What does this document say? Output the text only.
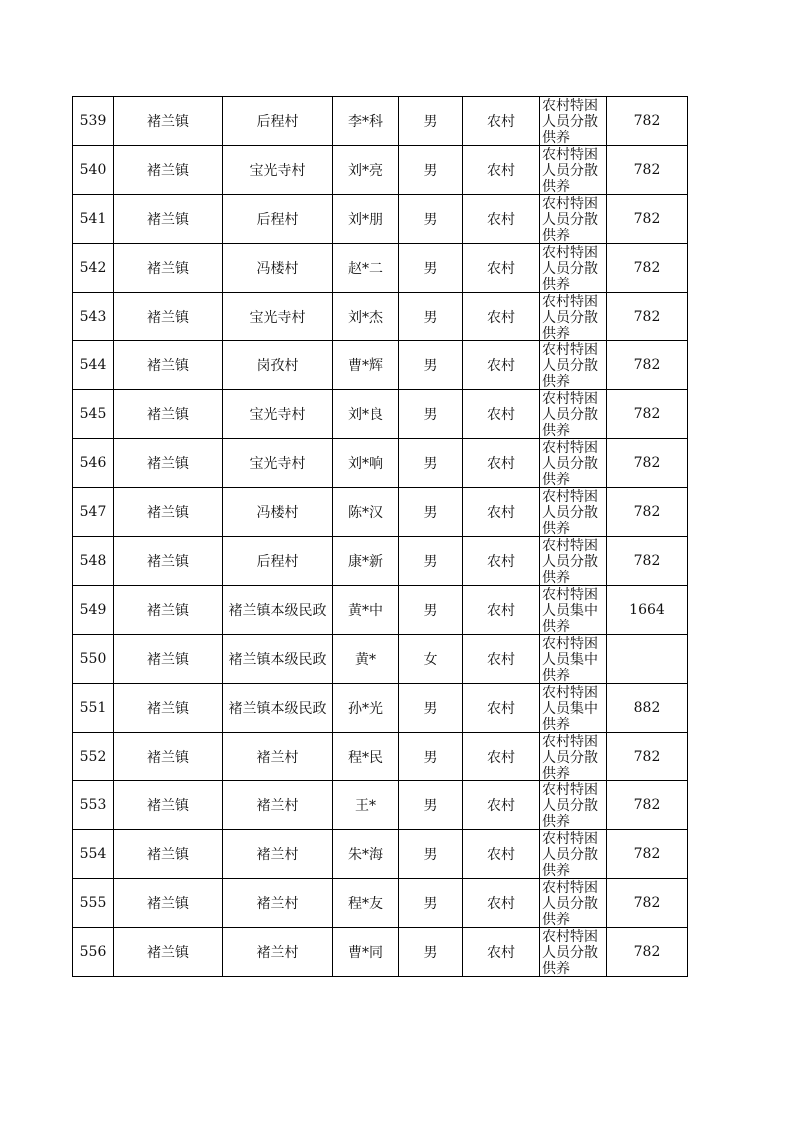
539	褚兰镇	后程村	李*科	男	农村	农村特困人员分散供养	782
540	褚兰镇	宝光寺村	刘*亮	男	农村	农村特困人员分散供养	782
541	褚兰镇	后程村	刘*朋	男	农村	农村特困人员分散供养	782
542	褚兰镇	冯楼村	赵*二	男	农村	农村特困人员分散供养	782
543	褚兰镇	宝光寺村	刘*杰	男	农村	农村特困人员分散供养	782
544	褚兰镇	岗孜村	曹*辉	男	农村	农村特困人员分散供养	782
545	褚兰镇	宝光寺村	刘*良	男	农村	农村特困人员分散供养	782
546	褚兰镇	宝光寺村	刘*响	男	农村	农村特困人员分散供养	782
547	褚兰镇	冯楼村	陈*汉	男	农村	农村特困人员分散供养	782
548	褚兰镇	后程村	康*新	男	农村	农村特困人员分散供养	782
549	褚兰镇	褚兰镇本级民政	黄*中	男	农村	农村特困人员集中供养	1664
550	褚兰镇	褚兰镇本级民政	黄*	女	农村	农村特困人员集中供养	

551	褚兰镇	褚兰镇本级民政	孙*光	男	农村	农村特困人员集中供养	882
552	褚兰镇	褚兰村	程*民	男	农村	农村特困人员分散供养	782
553	褚兰镇	褚兰村	王*	男	农村	农村特困人员分散供养	782
554	褚兰镇	褚兰村	朱*海	男	农村	农村特困人员分散供养	782
555	褚兰镇	褚兰村	程*友	男	农村	农村特困人员分散供养	782
556	褚兰镇	褚兰村	曹*同	男	农村	农村特困人员分散供养	782
